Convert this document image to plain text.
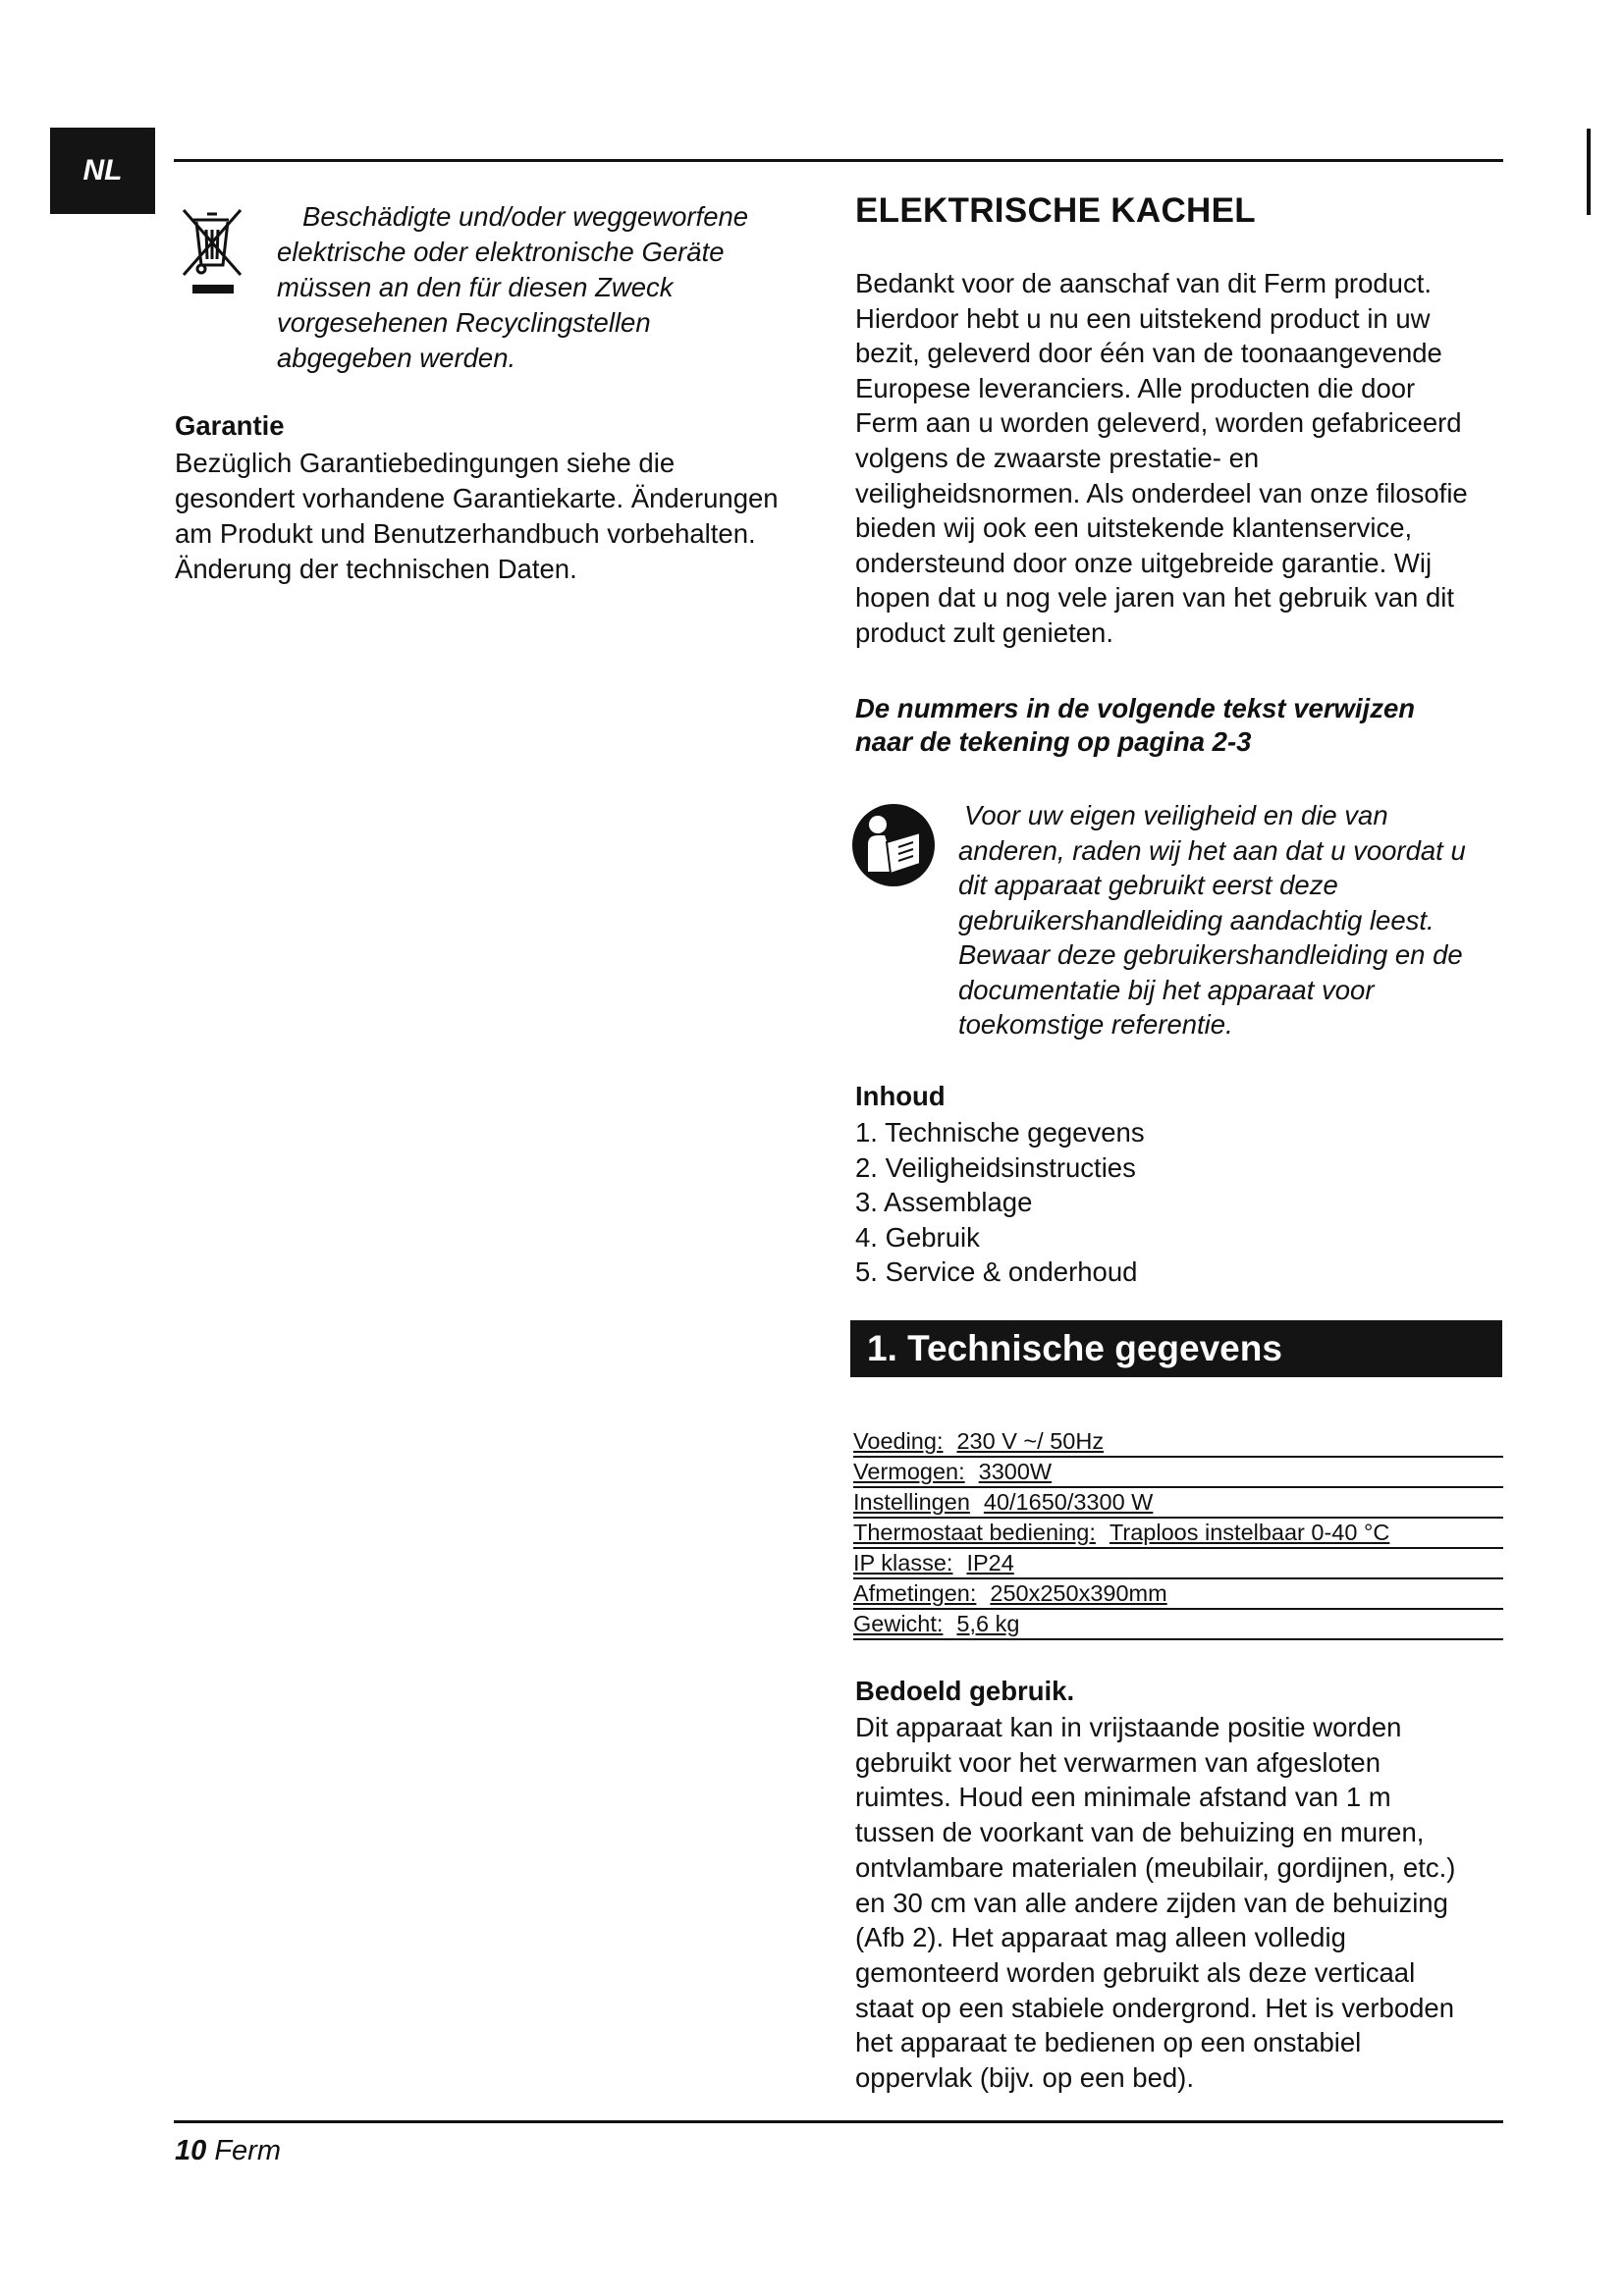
NL

Beschädigte und/oder weggeworfene
elektrische oder elektronische Geräte
müssen an den für diesen Zweck
vorgesehenen Recyclingstellen
abgegeben werden.

Garantie

Bezüglich Garantiebedingungen siehe die
gesondert vorhandene Garantiekarte. Änderungen
am Produkt und Benutzerhandbuch vorbehalten.
Änderung der technischen Daten.

ELEKTRISCHE KACHEL

Bedankt voor de aanschaf van dit Ferm product.
Hierdoor hebt u nu een uitstekend product in uw
bezit, geleverd door één van de toonaangevende
Europese leveranciers. Alle producten die door
Ferm aan u worden geleverd, worden gefabriceerd
volgens de zwaarste prestatie- en
veiligheidsnormen. Als onderdeel van onze filosofie
bieden wij ook een uitstekende klantenservice,
ondersteund door onze uitgebreide garantie. Wij
hopen dat u nog vele jaren van het gebruik van dit
product zult genieten.

De nummers in de volgende tekst verwijzen
naar de tekening op pagina 2-3

Voor uw eigen veiligheid en die van
anderen, raden wij het aan dat u voordat u
dit apparaat gebruikt eerst deze
gebruikershandleiding aandachtig leest.
Bewaar deze gebruikershandleiding en de
documentatie bij het apparaat voor
toekomstige referentie.

Inhoud
1. Technische gegevens
2. Veiligheidsinstructies
3. Assemblage
4. Gebruik
5. Service & onderhoud
1. Technische gegevens
Voeding: 230 V ~/ 50Hz
Vermogen: 3300W
Instellingen 40/1650/3300 W
Thermostaat bediening: Traploos instelbaar 0-40 °C
IP klasse: IP24
Afmetingen: 250x250x390mm
Gewicht: 5,6 kg
Bedoeld gebruik.

Dit apparaat kan in vrijstaande positie worden
gebruikt voor het verwarmen van afgesloten
ruimtes. Houd een minimale afstand van 1 m
tussen de voorkant van de behuizing en muren,
ontvlambare materialen (meubilair, gordijnen, etc.)
en 30 cm van alle andere zijden van de behuizing
(Afb 2). Het apparaat mag alleen volledig
gemonteerd worden gebruikt als deze verticaal
staat op een stabiele ondergrond. Het is verboden
het apparaat te bedienen op een onstabiel
oppervlak (bijv. op een bed).

10 Ferm
